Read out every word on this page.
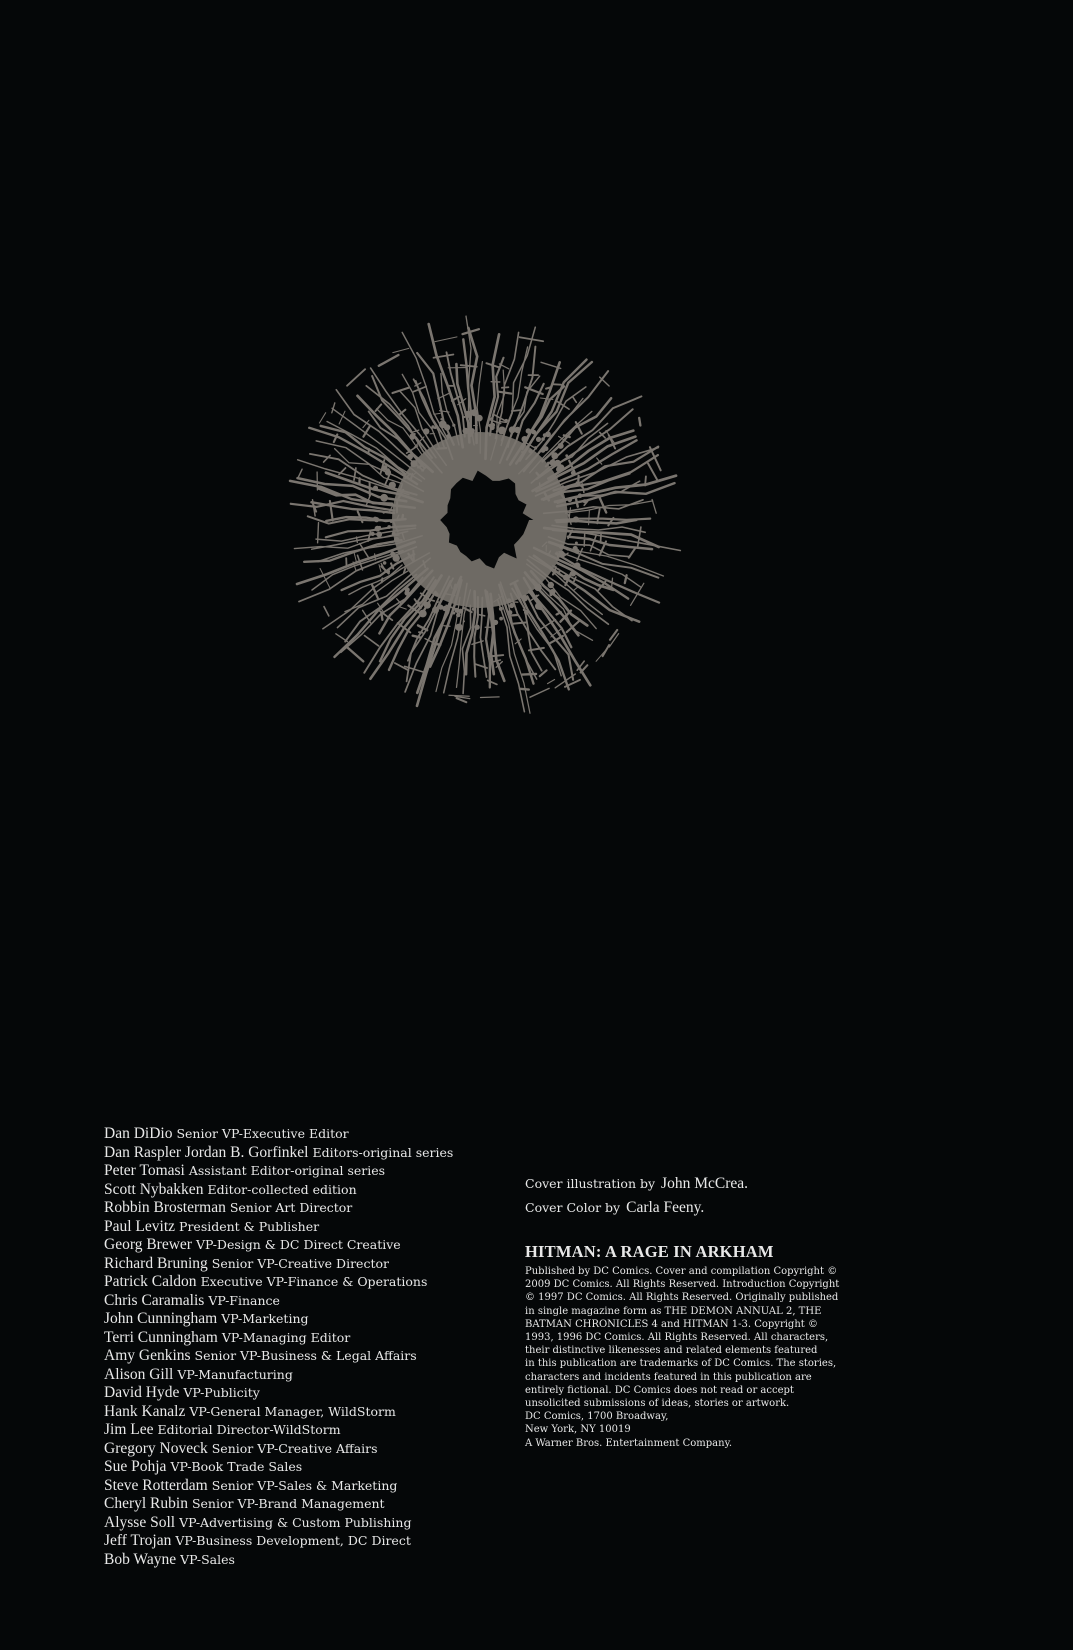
Dan DiDio Senior VP-Executive Editor
Dan Raspler Jordan B. Gorfinkel Editors-original series
Peter Tomasi Assistant Editor-original series
Scott Nybakken Editor-collected edition
Robbin Brosterman Senior Art Director
Paul Levitz President & Publisher
Georg Brewer VP-Design & DC Direct Creative
Richard Bruning Senior VP-Creative Director
Patrick Caldon Executive VP-Finance & Operations
Chris Caramalis VP-Finance
John Cunningham VP-Marketing
Terri Cunningham VP-Managing Editor
Amy Genkins Senior VP-Business & Legal Affairs
Alison Gill VP-Manufacturing
David Hyde VP-Publicity
Hank Kanalz VP-General Manager, WildStorm
Jim Lee Editorial Director-WildStorm
Gregory Noveck Senior VP-Creative Affairs
Sue Pohja VP-Book Trade Sales
Steve Rotterdam Senior VP-Sales & Marketing
Cheryl Rubin Senior VP-Brand Management
Alysse Soll VP-Advertising & Custom Publishing
Jeff Trojan VP-Business Development, DC Direct
Bob Wayne VP-Sales
Cover illustration by John McCrea.
Cover Color by Carla Feeny.
HITMAN: A RAGE IN ARKHAM
Published by DC Comics. Cover and compilation Copyright ©
2009 DC Comics. All Rights Reserved. Introduction Copyright
© 1997 DC Comics. All Rights Reserved. Originally published
in single magazine form as THE DEMON ANNUAL 2, THE
BATMAN CHRONICLES 4 and HITMAN 1-3. Copyright ©
1993, 1996 DC Comics. All Rights Reserved. All characters,
their distinctive likenesses and related elements featured
in this publication are trademarks of DC Comics. The stories,
characters and incidents featured in this publication are
entirely fictional. DC Comics does not read or accept
unsolicited submissions of ideas, stories or artwork.
DC Comics, 1700 Broadway,
New York, NY 10019
A Warner Bros. Entertainment Company.
